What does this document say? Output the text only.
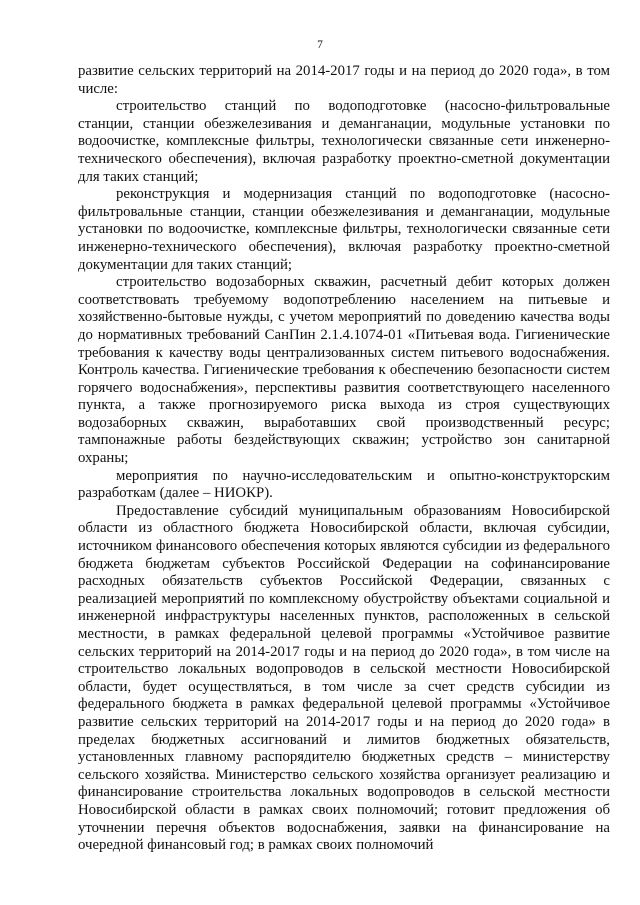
7

развитие сельских территорий на 2014-2017 годы и на период до 2020 года», в том числе:

строительство станций по водоподготовке (насосно-фильтровальные станции, станции обезжелезивания и деманганации, модульные установки по водоочистке, комплексные фильтры, технологически связанные сети инженерно-технического обеспечения), включая разработку проектно-сметной документации для таких станций;

реконструкция и модернизация станций по водоподготовке (насосно-фильтровальные станции, станции обезжелезивания и деманганации, модульные установки по водоочистке, комплексные фильтры, технологически связанные сети инженерно-технического обеспечения), включая разработку проектно-сметной документации для таких станций;

строительство водозаборных скважин, расчетный дебит которых должен соответствовать требуемому водопотреблению населением на питьевые и хозяйственно-бытовые нужды, с учетом мероприятий по доведению качества воды до нормативных требований СанПин 2.1.4.1074-01 «Питьевая вода. Гигиенические требования к качеству воды централизованных систем питьевого водоснабжения. Контроль качества. Гигиенические требования к обеспечению безопасности систем горячего водоснабжения», перспективы развития соответствующего населенного пункта, а также прогнозируемого риска выхода из строя существующих водозаборных скважин, выработавших свой производственный ресурс; тампонажные работы бездействующих скважин; устройство зон санитарной охраны;

мероприятия по научно-исследовательским и опытно-конструкторским разработкам (далее – НИОКР).

Предоставление субсидий муниципальным образованиям Новосибирской области из областного бюджета Новосибирской области, включая субсидии, источником финансового обеспечения которых являются субсидии из федерального бюджета бюджетам субъектов Российской Федерации на софинансирование расходных обязательств субъектов Российской Федерации, связанных с реализацией мероприятий по комплексному обустройству объектами социальной и инженерной инфраструктуры населенных пунктов, расположенных в сельской местности, в рамках федеральной целевой программы «Устойчивое развитие сельских территорий на 2014-2017 годы и на период до 2020 года», в том числе на строительство локальных водопроводов в сельской местности Новосибирской области, будет осуществляться, в том числе за счет средств субсидии из федерального бюджета в рамках федеральной целевой программы «Устойчивое развитие сельских территорий на 2014-2017 годы и на период до 2020 года» в пределах бюджетных ассигнований и лимитов бюджетных обязательств, установленных главному распорядителю бюджетных средств – министерству сельского хозяйства. Министерство сельского хозяйства организует реализацию и финансирование строительства локальных водопроводов в сельской местности Новосибирской области в рамках своих полномочий; готовит предложения об уточнении перечня объектов водоснабжения, заявки на финансирование на очередной финансовый год; в рамках своих полномочий
